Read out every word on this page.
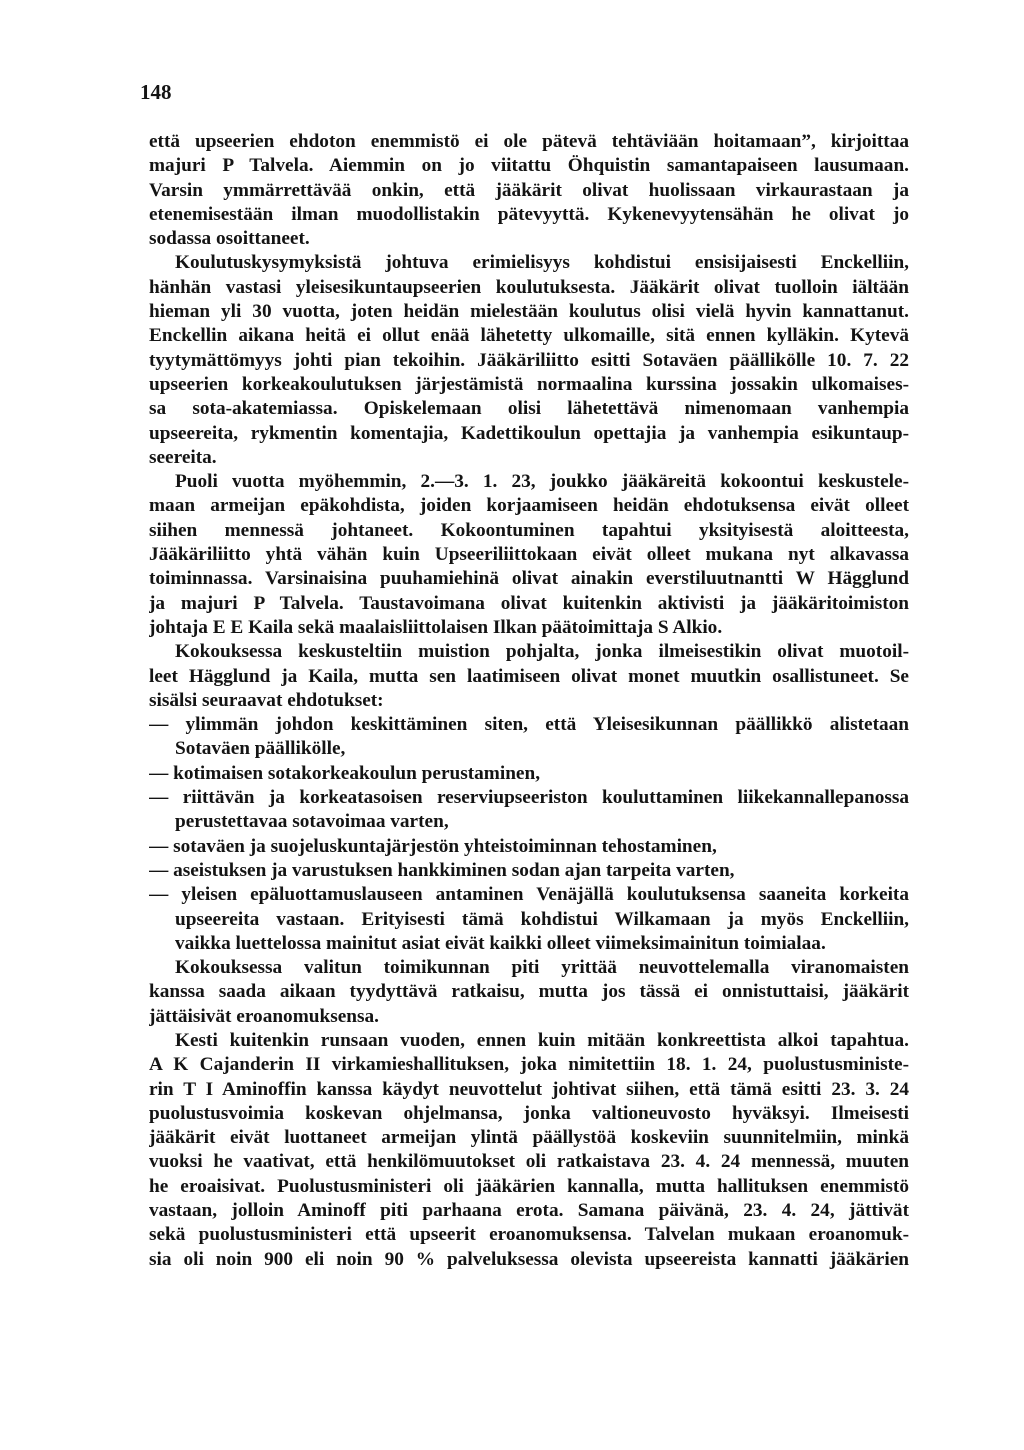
148
että upseerien ehdoton enemmistö ei ole pätevä tehtäviään hoitamaan”, kirjoittaa
majuri P Talvela. Aiemmin on jo viitattu Öhquistin samantapaiseen lausumaan.
Varsin ymmärrettävää onkin, että jääkärit olivat huolissaan virkaurastaan ja
etenemisestään ilman muodollistakin pätevyyttä. Kykenevyytensähän he olivat jo
sodassa osoittaneet.
Koulutuskysymyksistä johtuva erimielisyys kohdistui ensisijaisesti Enckelliin,
hänhän vastasi yleisesikuntaupseerien koulutuksesta. Jääkärit olivat tuolloin iältään
hieman yli 30 vuotta, joten heidän mielestään koulutus olisi vielä hyvin kannattanut.
Enckellin aikana heitä ei ollut enää lähetetty ulkomaille, sitä ennen kylläkin. Kytevä
tyytymättömyys johti pian tekoihin. Jääkäriliitto esitti Sotaväen päällikölle 10. 7. 22
upseerien korkeakoulutuksen järjestämistä normaalina kurssina jossakin ulkomaises-
sa sota-akatemiassa. Opiskelemaan olisi lähetettävä nimenomaan vanhempia
upseereita, rykmentin komentajia, Kadettikoulun opettajia ja vanhempia esikuntaup-
seereita.
Puoli vuotta myöhemmin, 2.—3. 1. 23, joukko jääkäreitä kokoontui keskustele-
maan armeijan epäkohdista, joiden korjaamiseen heidän ehdotuksensa eivät olleet
siihen mennessä johtaneet. Kokoontuminen tapahtui yksityisestä aloitteesta,
Jääkäriliitto yhtä vähän kuin Upseeriliittokaan eivät olleet mukana nyt alkavassa
toiminnassa. Varsinaisina puuhamiehinä olivat ainakin everstiluutnantti W Hägglund
ja majuri P Talvela. Taustavoimana olivat kuitenkin aktivisti ja jääkäritoimiston
johtaja E E Kaila sekä maalaisliittolaisen Ilkan päätoimittaja S Alkio.
Kokouksessa keskusteltiin muistion pohjalta, jonka ilmeisestikin olivat muotoil-
leet Hägglund ja Kaila, mutta sen laatimiseen olivat monet muutkin osallistuneet. Se
sisälsi seuraavat ehdotukset:
— ylimmän johdon keskittäminen siten, että Yleisesikunnan päällikkö alistetaan
Sotaväen päällikölle,
— kotimaisen sotakorkeakoulun perustaminen,
— riittävän ja korkeatasoisen reserviupseeriston kouluttaminen liikekannallepanossa
perustettavaa sotavoimaa varten,
— sotaväen ja suojeluskuntajärjestön yhteistoiminnan tehostaminen,
— aseistuksen ja varustuksen hankkiminen sodan ajan tarpeita varten,
— yleisen epäluottamuslauseen antaminen Venäjällä koulutuksensa saaneita korkeita
upseereita vastaan. Erityisesti tämä kohdistui Wilkamaan ja myös Enckelliin,
vaikka luettelossa mainitut asiat eivät kaikki olleet viimeksimainitun toimialaa.
Kokouksessa valitun toimikunnan piti yrittää neuvottelemalla viranomaisten
kanssa saada aikaan tyydyttävä ratkaisu, mutta jos tässä ei onnistuttaisi, jääkärit
jättäisivät eroanomuksensa.
Kesti kuitenkin runsaan vuoden, ennen kuin mitään konkreettista alkoi tapahtua.
A K Cajanderin II virkamieshallituksen, joka nimitettiin 18. 1. 24, puolustusministe-
rin T I Aminoffin kanssa käydyt neuvottelut johtivat siihen, että tämä esitti 23. 3. 24
puolustusvoimia koskevan ohjelmansa, jonka valtioneuvosto hyväksyi. Ilmeisesti
jääkärit eivät luottaneet armeijan ylintä päällystöä koskeviin suunnitelmiin, minkä
vuoksi he vaativat, että henkilömuutokset oli ratkaistava 23. 4. 24 mennessä, muuten
he eroaisivat. Puolustusministeri oli jääkärien kannalla, mutta hallituksen enemmistö
vastaan, jolloin Aminoff piti parhaana erota. Samana päivänä, 23. 4. 24, jättivät
sekä puolustusministeri että upseerit eroanomuksensa. Talvelan mukaan eroanomuk-
sia oli noin 900 eli noin 90 % palveluksessa olevista upseereista kannatti jääkärien
